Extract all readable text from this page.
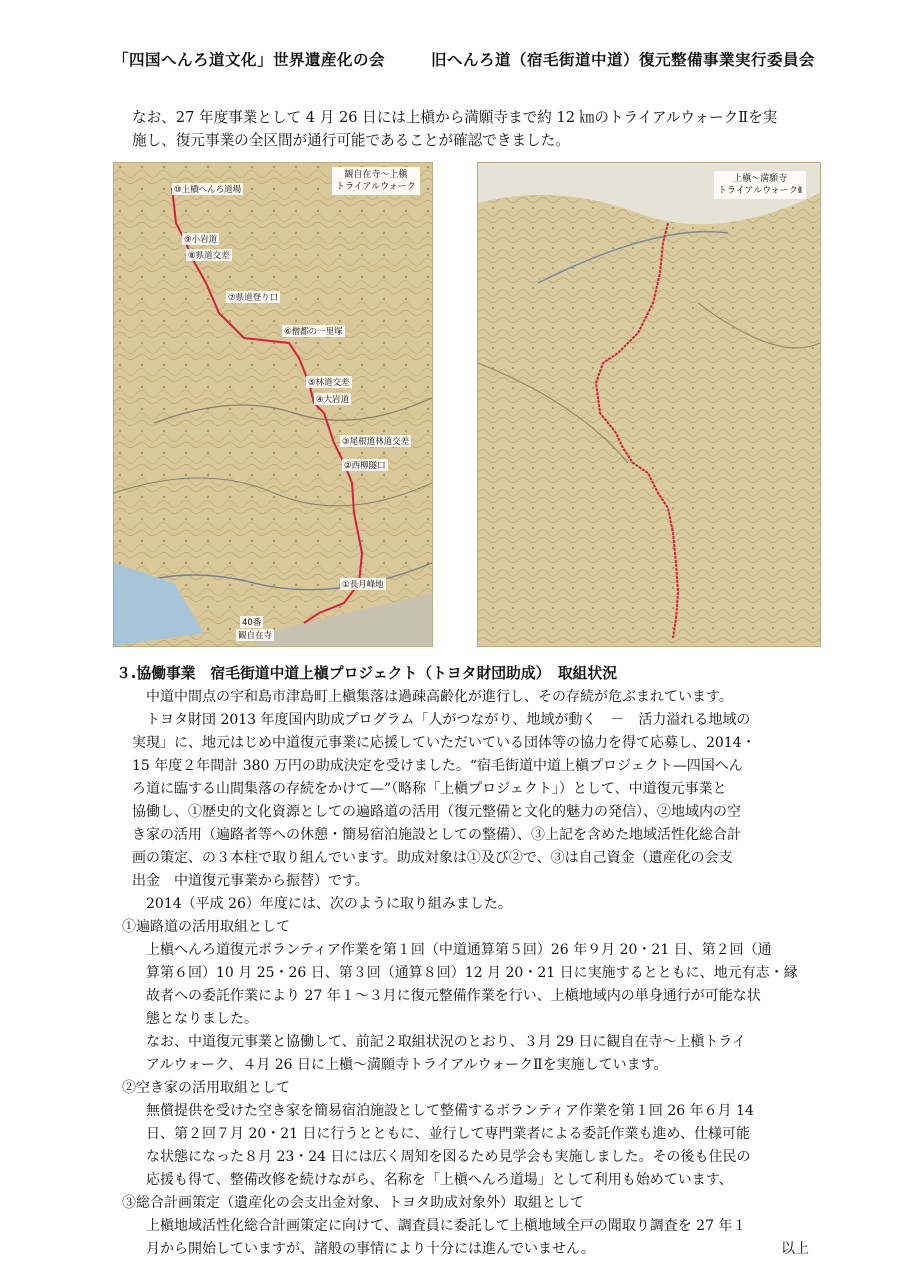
「四国へんろ道文化」世界遺産化の会	旧へんろ道（宿毛街道中道）復元整備事業実行委員会
なお、27 年度事業として 4 月 26 日には上槇から満願寺まで約 12 ㎞のトライアルウォークⅡを実
施し、復元事業の全区間が通行可能であることが確認できました。
観自在寺～上槇
トライアルウォーク
⑩上槇へんろ道場
⑨小岩道
⑧県道交差
⑦県道登り口
⑥僧都の一里塚
⑤林道交差
④大岩道
③尾根道林道交差
②西柳隧口
①長月峰地
40番
観自在寺
上槇～満願寺
トライアルウォークⅡ
３.協働事業　宿毛街道中道上槇プロジェクト（トヨタ財団助成）　取組状況
中道中間点の宇和島市津島町上槇集落は過疎高齢化が進行し、その存続が危ぶまれています。
トヨタ財団 2013 年度国内助成プログラム「人がつながり、地域が動く　－　活力溢れる地域の
実現」に、地元はじめ中道復元事業に応援していただいている団体等の協力を得て応募し、2014・
15 年度２年間計 380 万円の助成決定を受けました。“宿毛街道中道上槇プロジェクト—四国へん
ろ道に臨する山間集落の存続をかけて—”（略称「上槇プロジェクト」）として、中道復元事業と
協働し、①歴史的文化資源としての遍路道の活用（復元整備と文化的魅力の発信）、②地域内の空
き家の活用（遍路者等への休憩・簡易宿泊施設としての整備）、③上記を含めた地域活性化総合計
画の策定、の３本柱で取り組んでいます。助成対象は①及び②で、③は自己資金（遺産化の会支
出金　中道復元事業から振替）です。
2014（平成 26）年度には、次のように取り組みました。
①遍路道の活用取組として
上槇へんろ道復元ボランティア作業を第１回（中道通算第５回）26 年９月 20・21 日、第２回（通
算第６回）10 月 25・26 日、第３回（通算８回）12 月 20・21 日に実施するとともに、地元有志・縁
故者への委託作業により 27 年１～３月に復元整備作業を行い、上槇地域内の単身通行が可能な状
態となりました。
なお、中道復元事業と協働して、前記２取組状況のとおり、３月 29 日に観自在寺～上槇トライ
アルウォーク、４月 26 日に上槇～満願寺トライアルウォークⅡを実施しています。
②空き家の活用取組として
無償提供を受けた空き家を簡易宿泊施設として整備するボランティア作業を第１回 26 年６月 14
日、第２回７月 20・21 日に行うとともに、並行して専門業者による委託作業も進め、仕様可能
な状態になった８月 23・24 日には広く周知を図るため見学会も実施しました。その後も住民の
応援も得て、整備改修を続けながら、名称を「上槇へんろ道場」として利用も始めています、
③総合計画策定（遺産化の会支出金対象、トヨタ助成対象外）取組として
上槇地域活性化総合計画策定に向けて、調査員に委託して上槇地域全戸の聞取り調査を 27 年１
月から開始していますが、諸般の事情により十分には進んでいません。	以上
